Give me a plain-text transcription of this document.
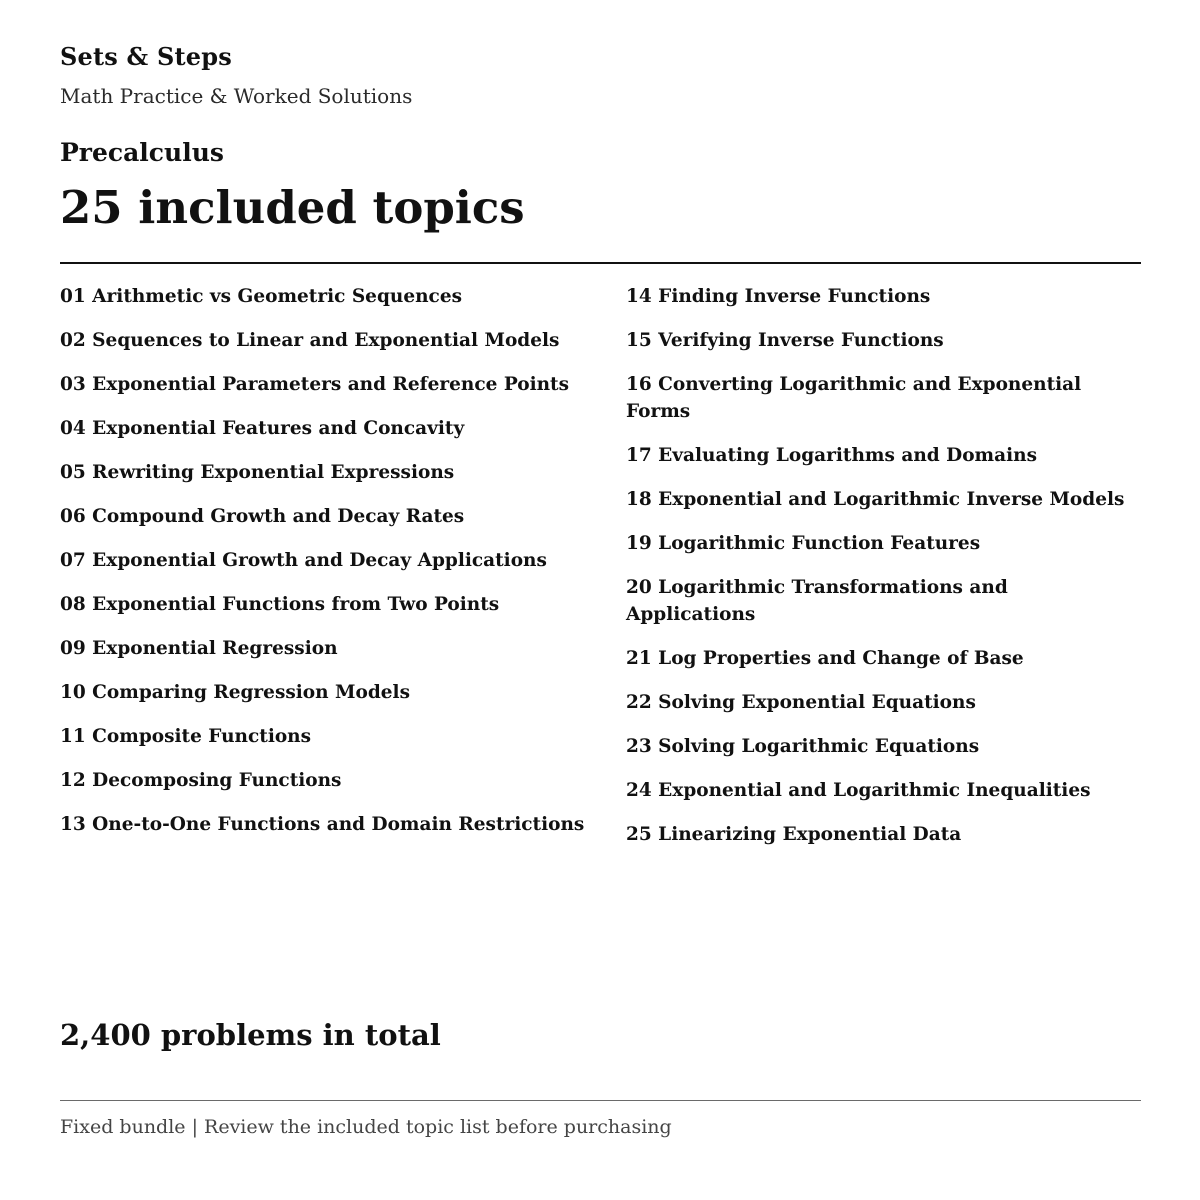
Sets & Steps
Math Practice & Worked Solutions
Precalculus
25 included topics
01 Arithmetic vs Geometric Sequences
02 Sequences to Linear and Exponential Models
03 Exponential Parameters and Reference Points
04 Exponential Features and Concavity
05 Rewriting Exponential Expressions
06 Compound Growth and Decay Rates
07 Exponential Growth and Decay Applications
08 Exponential Functions from Two Points
09 Exponential Regression
10 Comparing Regression Models
11 Composite Functions
12 Decomposing Functions
13 One-to-One Functions and Domain Restrictions
14 Finding Inverse Functions
15 Verifying Inverse Functions
16 Converting Logarithmic and Exponential Forms
17 Evaluating Logarithms and Domains
18 Exponential and Logarithmic Inverse Models
19 Logarithmic Function Features
20 Logarithmic Transformations and Applications
21 Log Properties and Change of Base
22 Solving Exponential Equations
23 Solving Logarithmic Equations
24 Exponential and Logarithmic Inequalities
25 Linearizing Exponential Data
2,400 problems in total
Fixed bundle | Review the included topic list before purchasing
